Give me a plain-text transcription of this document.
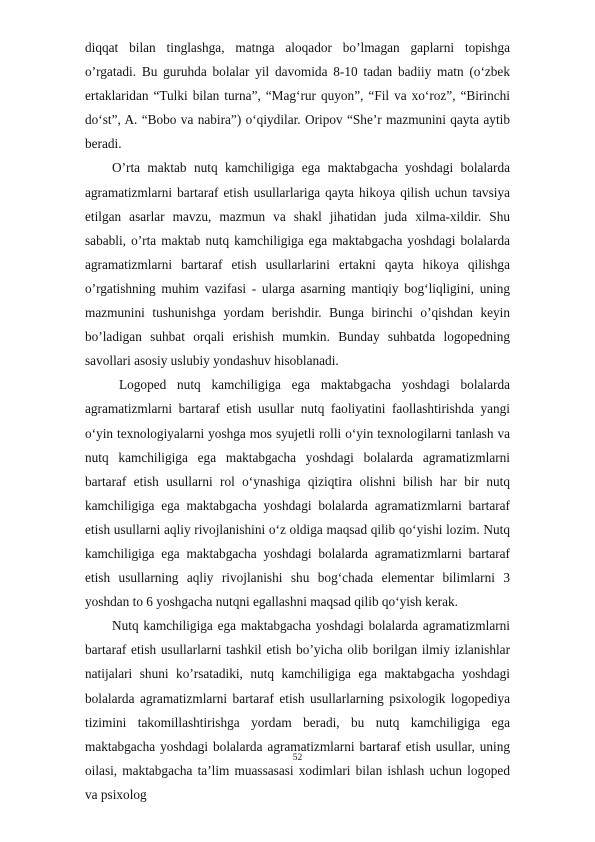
diqqat bilan tinglashga, matnga aloqador bo’lmagan gaplarni topishga o’rgatadi. Bu guruhda bolalar yil davomida 8-10 tadan badiiy matn (o‘zbek ertaklaridan “Tulki bilan turna”, “Mag‘rur quyon”, “Fil va xo‘roz”, “Birinchi do‘st”, A. “Bobo va nabira”) o‘qiydilar. Oripov “She’r mazmunini qayta aytib beradi.

O’rta maktab nutq kamchiligiga ega maktabgacha yoshdagi bolalarda agramatizmlarni bartaraf etish usullarlariga qayta hikoya qilish uchun tavsiya etilgan asarlar mavzu, mazmun va shakl jihatidan juda xilma-xildir. Shu sababli, o’rta maktab nutq kamchiligiga ega maktabgacha yoshdagi bolalarda agramatizmlarni bartaraf etish usullarlarini ertakni qayta hikoya qilishga o’rgatishning muhim vazifasi - ularga asarning mantiqiy bog‘liqligini, uning mazmunini tushunishga yordam berishdir. Bunga birinchi o’qishdan keyin bo’ladigan suhbat orqali erishish mumkin. Bunday suhbatda logopedning savollari asosiy uslubiy yondashuv hisoblanadi.

Logoped nutq kamchiligiga ega maktabgacha yoshdagi bolalarda agramatizmlarni bartaraf etish usullar nutq faoliyatini faollashtirishda yangi o‘yin texnologiyalarni yoshga mos syujetli rolli o‘yin texnologilarni tanlash va nutq kamchiligiga ega maktabgacha yoshdagi bolalarda agramatizmlarni bartaraf etish usullarni rol o‘ynashiga qiziqtira olishni bilish har bir nutq kamchiligiga ega maktabgacha yoshdagi bolalarda agramatizmlarni bartaraf etish usullarni aqliy rivojlanishini o‘z oldiga maqsad qilib qo‘yishi lozim. Nutq kamchiligiga ega maktabgacha yoshdagi bolalarda agramatizmlarni bartaraf etish usullarning aqliy rivojlanishi shu bog‘chada elementar bilimlarni 3 yoshdan to 6 yoshgacha nutqni egallashni maqsad qilib qo‘yish kerak.

Nutq kamchiligiga ega maktabgacha yoshdagi bolalarda agramatizmlarni bartaraf etish usullarlarni tashkil etish bo’yicha olib borilgan ilmiy izlanishlar natijalari shuni ko’rsatadiki, nutq kamchiligiga ega maktabgacha yoshdagi bolalarda agramatizmlarni bartaraf etish usullarlarning psixologik logopediya tizimini takomillashtirishga yordam beradi, bu nutq kamchiligiga ega maktabgacha yoshdagi bolalarda agramatizmlarni bartaraf etish usullar, uning oilasi, maktabgacha ta’lim muassasasi xodimlari bilan ishlash uchun logoped va psixolog

52
